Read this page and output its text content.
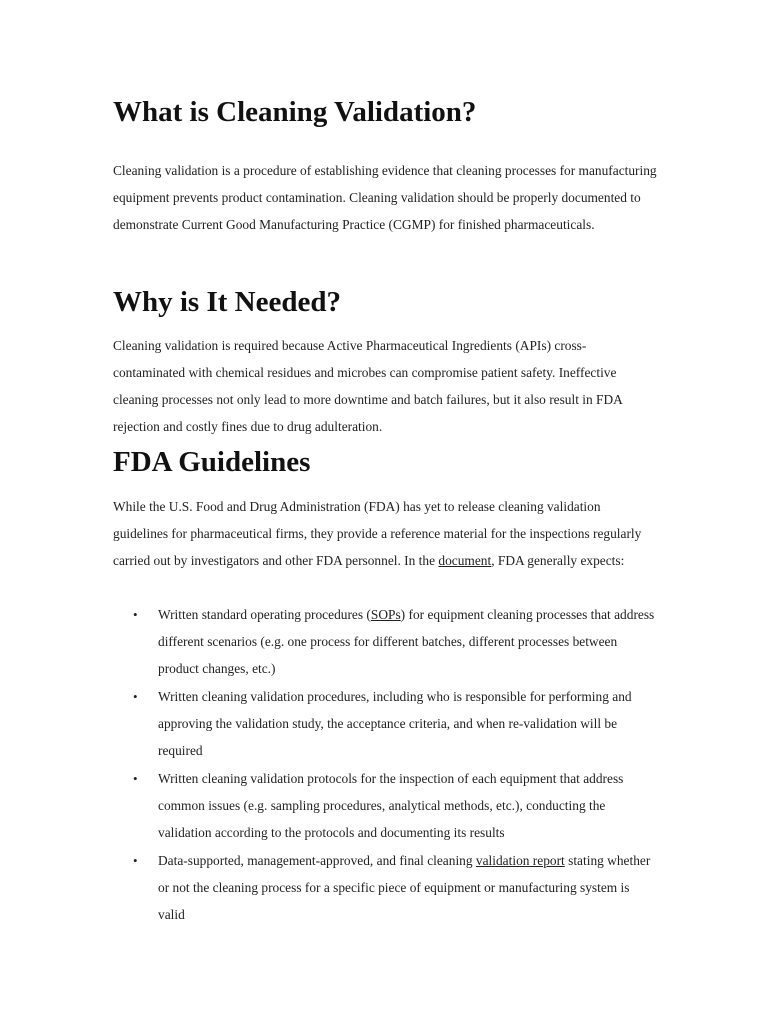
What is Cleaning Validation?

Cleaning validation is a procedure of establishing evidence that cleaning processes for manufacturing equipment prevents product contamination. Cleaning validation should be properly documented to demonstrate Current Good Manufacturing Practice (CGMP) for finished pharmaceuticals.

Why is It Needed?

Cleaning validation is required because Active Pharmaceutical Ingredients (APIs) cross-contaminated with chemical residues and microbes can compromise patient safety. Ineffective cleaning processes not only lead to more downtime and batch failures, but it also result in FDA rejection and costly fines due to drug adulteration.

FDA Guidelines

While the U.S. Food and Drug Administration (FDA) has yet to release cleaning validation guidelines for pharmaceutical firms, they provide a reference material for the inspections regularly carried out by investigators and other FDA personnel. In the document, FDA generally expects:

• Written standard operating procedures (SOPs) for equipment cleaning processes that address different scenarios (e.g. one process for different batches, different processes between product changes, etc.)
• Written cleaning validation procedures, including who is responsible for performing and approving the validation study, the acceptance criteria, and when re-validation will be required
• Written cleaning validation protocols for the inspection of each equipment that address common issues (e.g. sampling procedures, analytical methods, etc.), conducting the validation according to the protocols and documenting its results
• Data-supported, management-approved, and final cleaning validation report stating whether or not the cleaning process for a specific piece of equipment or manufacturing system is valid
